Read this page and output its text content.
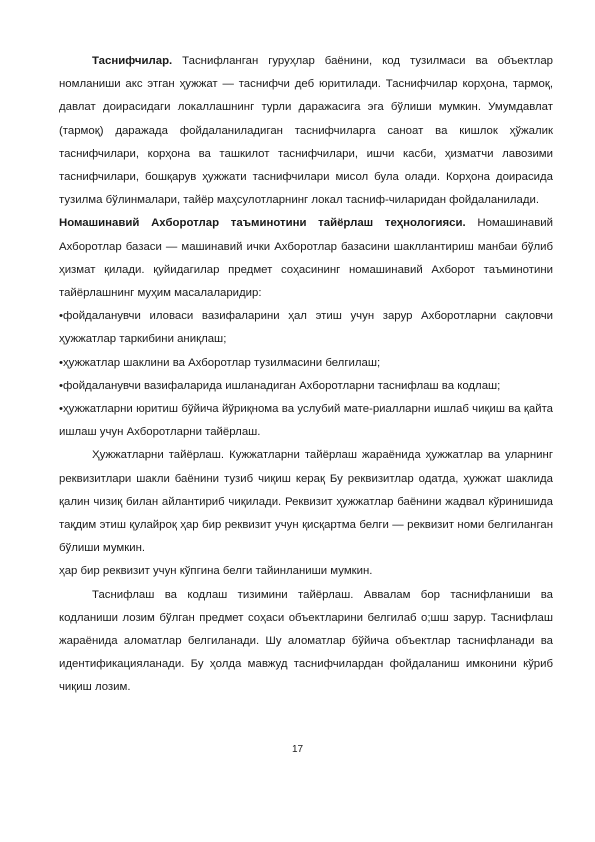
Таснифчилар. Таснифланган гуруҳлар баёнини, код тузилмаси ва объектлар номланиши акс этган ҳужжат — таснифчи деб юритилади. Таснифчилар корҳона, тармоқ, давлат доирасидаги локаллашнинг турли даражасига эга бўлиши мумкин. Умумдавлат (тармоқ) даражада фойдаланиладиган таснифчиларга саноат ва кишлок ҳўжалик таснифчилари, корҳона ва ташкилот таснифчилари, ишчи касби, ҳизматчи лавозими таснифчилари, бошқарув ҳужжати таснифчилари мисол була олади. Корҳона доирасида тузилма бўлинмалари, тайёр маҳсулотларнинг локал тасниф-чиларидан фойдаланилади.

Номашинавий Ахборотлар таъминотини тайёрлаш теҳнологияси. Номашинавий Ахборотлар базаси — машинавий ички Ахборотлар базасини шакллантириш манбаи бўлиб ҳизмат қилади. қуйидагилар предмет соҳасининг номашинавий Ахборот таъминотини тайёрлашнинг муҳим масалаларидир:

•фойдаланувчи иловаси вазифаларини ҳал этиш учун зарур Ахборотларни сақловчи ҳужжатлар таркибини аниқлаш;

•ҳужжатлар шаклини ва Ахборотлар тузилмасини белгилаш;

•фойдаланувчи вазифаларида ишланадиган Ахборотларни таснифлаш ва кодлаш;

•ҳужжатларни юритиш бўйича йўриқнома ва услубий мате-риалларни ишлаб чиқиш ва қайта ишлаш учун Ахборотларни тайёрлаш.

Ҳужжатларни тайёрлаш. Кужжатларни тайёрлаш жараёнида ҳужжатлар ва уларнинг реквизитлари шакли баёнини тузиб чиқиш керақ Бу реквизитлар одатда, ҳужжат шаклида қалин чизиқ билан айлантириб чиқилади. Реквизит ҳужжатлар баёнини жадвал кўринишида тақдим этиш қулайроқ ҳар бир реквизит учун қисқартма белги — реквизит номи белгиланган бўлиши мумкин.

ҳар бир реквизит учун кўпгина белги тайинланиши мумкин.

Таснифлаш ва кодлаш тизимини тайёрлаш. Аввалам бор таснифланиши ва кодланиши лозим бўлган предмет соҳаси объектларини белгилаб о;шш зарур. Таснифлаш жараёнида аломатлар белгиланади. Шу аломатлар бўйича объектлар таснифланади ва идентификацияланади. Бу ҳолда мавжуд таснифчилардан фойдаланиш имконини кўриб чиқиш лозим.

17
